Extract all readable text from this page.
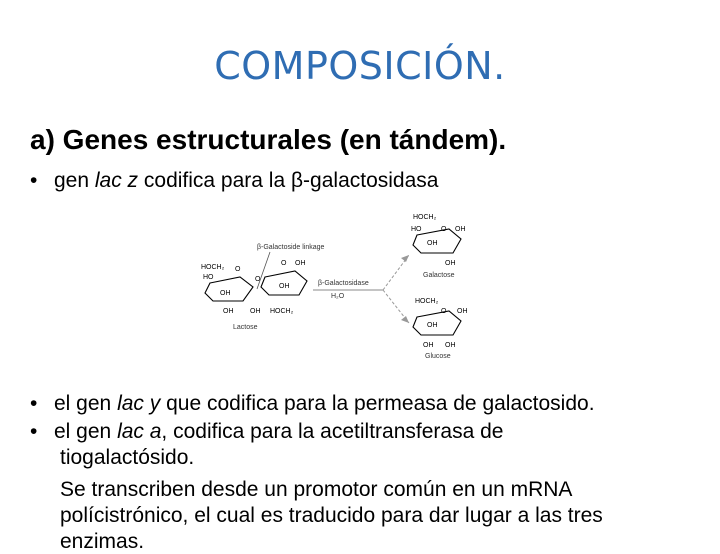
COMPOSICIÓN.
a) Genes estructurales (en tándem).
• gen lac z codifica para la β-galactosidasa
β-Galactoside linkage
HOCH₂
HO
O
OH
OH
O
O OH
OH
OH HOCH₂
Lactose
β-Galactosidase
H₂O
HOCH₂
HO	O OH
OH
OH
Galactose
HOCH₂
O OH
OH
OH OH
Glucose
• el gen lac y que codifica para la permeasa de galactosido.
• el gen lac a, codifica para la acetiltransferasa de
tiogalactósido.
Se transcriben desde un promotor común en un mRNA
polícistrónico, el cual es traducido para dar lugar a las tres
enzimas.
